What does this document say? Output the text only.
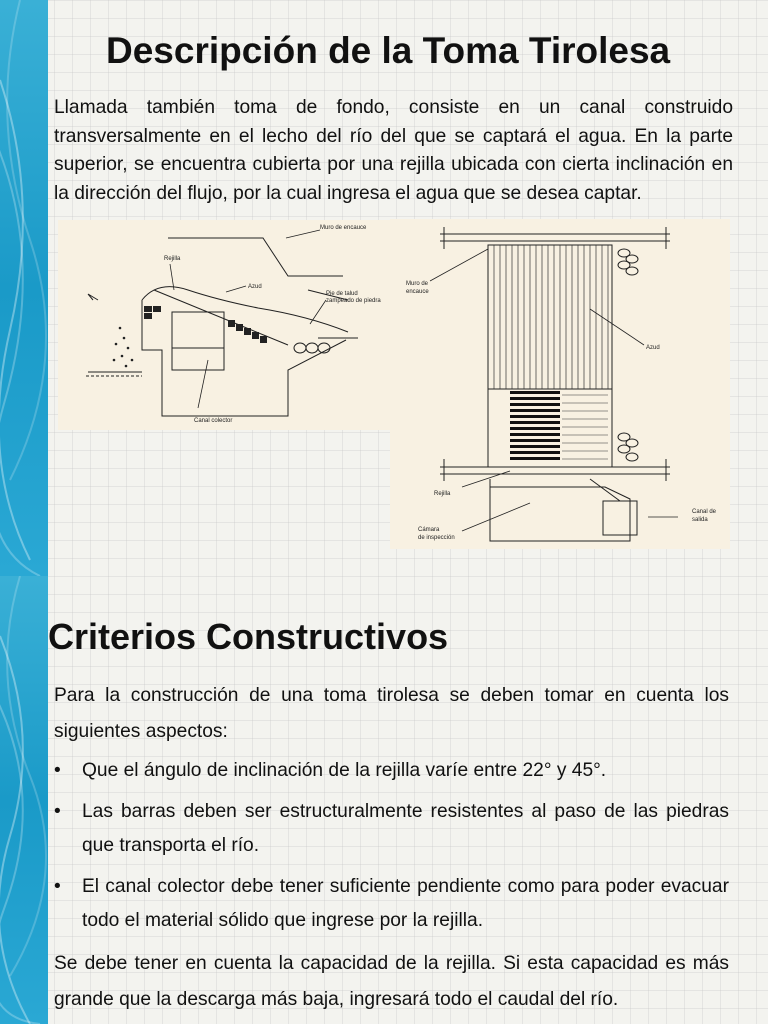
Descripción de la Toma Tirolesa

Llamada también toma de fondo, consiste en un canal construido transversalmente en el lecho del río del que se captará el agua. En la parte superior, se encuentra cubierta por una rejilla ubicada con cierta inclinación en la dirección del flujo, por la cual ingresa el agua que se desea captar.

Muro de encauce
Rejilla
Azud
Pie de talud
zampeado de piedra
Canal colector
Muro de
encauce
Azud
Rejilla
Cámara
de inspección
Canal de
salida
Criterios Constructivos

Para la construcción de una toma tirolesa se deben tomar en cuenta los siguientes aspectos:

• Que el ángulo de inclinación de la rejilla varíe entre 22° y 45°.
• Las barras deben ser estructuralmente resistentes al paso de las piedras que transporta el río.
• El canal colector debe tener suficiente pendiente como para poder evacuar todo el material sólido que ingrese por la rejilla.

Se debe tener en cuenta la capacidad de la rejilla. Si esta capacidad es más grande que la descarga más baja, ingresará todo el caudal del río.
